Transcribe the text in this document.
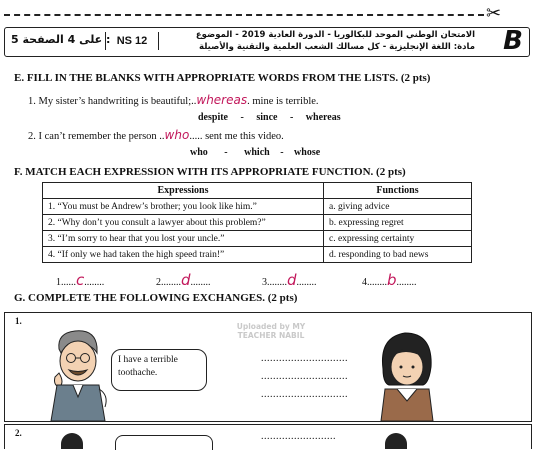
✂
5 على 4 الصفحة : NS 12	الامتحان الوطني الموحد للبكالوريا - الدورة العادية 2019 - الموضوع
مادة: اللغة الإنجليزية - كل مسالك الشعب العلمية والتقنية والأصيلة B
E. FILL IN THE BLANKS WITH APPROPRIATE WORDS FROM THE LISTS. (2 pts)
1. My sister’s handwriting is beautiful;..whereas. mine is terrible.
despite - since - whereas
2. I can’t remember the person ..who..... sent me this video.
who - which - whose
F. MATCH EACH EXPRESSION WITH ITS APPROPRIATE FUNCTION. (2 pts)
Expressions	Functions
1. “You must be Andrew’s brother; you look like him.”	a. giving advice
2. “Why don’t you consult a lawyer about this problem?”	b. expressing regret
3. “I’m sorry to hear that you lost your uncle.”	c. expressing certainty
4. “If only we had taken the high speed train!”	d. responding to bad news
1......c........	2........d........	3........d........	4........b........
G. COMPLETE THE FOLLOWING EXCHANGES. (2 pts)
1.
I have a terrible toothache.
.............................
.............................
.............................
Uploaded by MY TEACHER NABIL
2.	.........................
